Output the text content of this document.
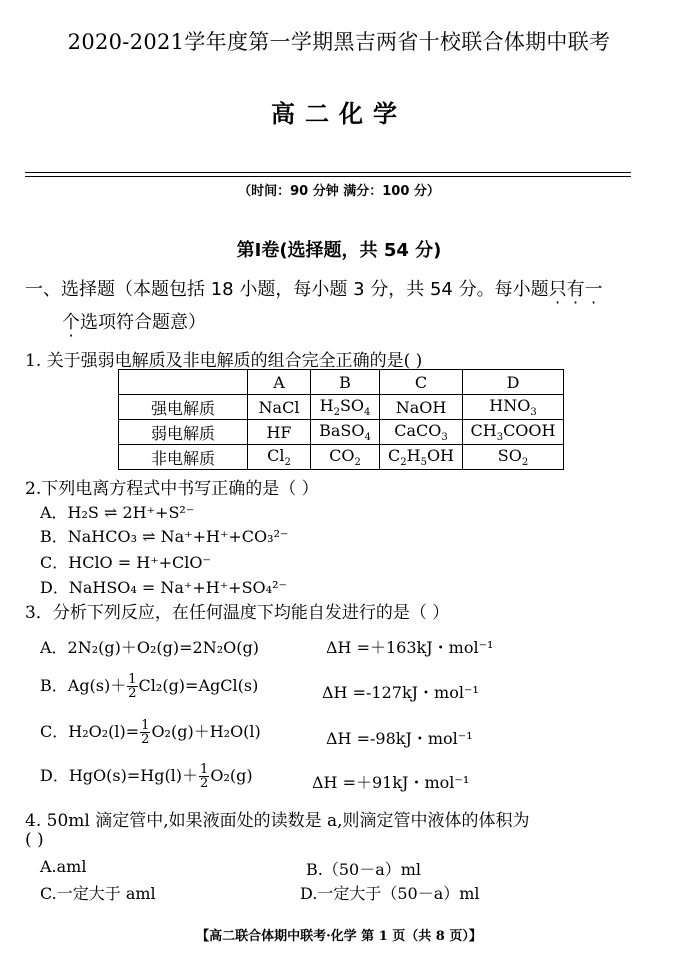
2020-2021学年度第一学期黑吉两省十校联合体期中联考
高二化学
（时间：90 分钟 满分：100 分）
第Ⅰ卷(选择题，共 54 分)
一、选择题（本题包括 18 小题，每小题 3 分，共 54 分。每小题只有一
个选项符合题意）
1. 关于强弱电解质及非电解质的组合完全正确的是( )
	A	B	C	D
强电解质	NaCl	$H_2SO_4$	NaOH	$HNO_3$
弱电解质	HF	BaSO$_4$	CaCO$_3$	$CH_3COOH$
非电解质	$Cl_2$	$CO_2$	$C_2H_5OH$	$SO_2$
2.下列电离方程式中书写正确的是（ ）
A．H₂S ⇌ 2H⁺+S²⁻
B．NaHCO₃ ⇌ Na⁺+H⁺+CO₃²⁻
C．HClO = H⁺+ClO⁻
D．NaHSO₄ = Na⁺+H⁺+SO₄²⁻
3．分析下列反应，在任何温度下均能自发进行的是（ ）
A．2N₂(g)＋O₂(g)=2N₂O(g)	ΔH =＋163kJ・mol⁻¹
B．$Ag(s)+ \frac{1}{2}$ Cl₂(g)=AgCl(s)	ΔH =-127kJ・mol⁻¹
C．$H_2O_2(l)= \frac{1}{2} O_2(g)+H_2O(l)$	ΔH =-98kJ・mol⁻¹
D．$HgO(s)=Hg(l)+ \frac{1}{2} O_2(g)$	ΔH =＋91kJ・mol⁻¹
4. 50ml 滴定管中,如果液面处的读数是 a,则滴定管中液体的体积为
( )
A.aml	B.（50－a）ml
C.一定大于 aml	D.一定大于（50－a）ml
【高二联合体期中联考·化学 第 1 页（共 8 页）】
